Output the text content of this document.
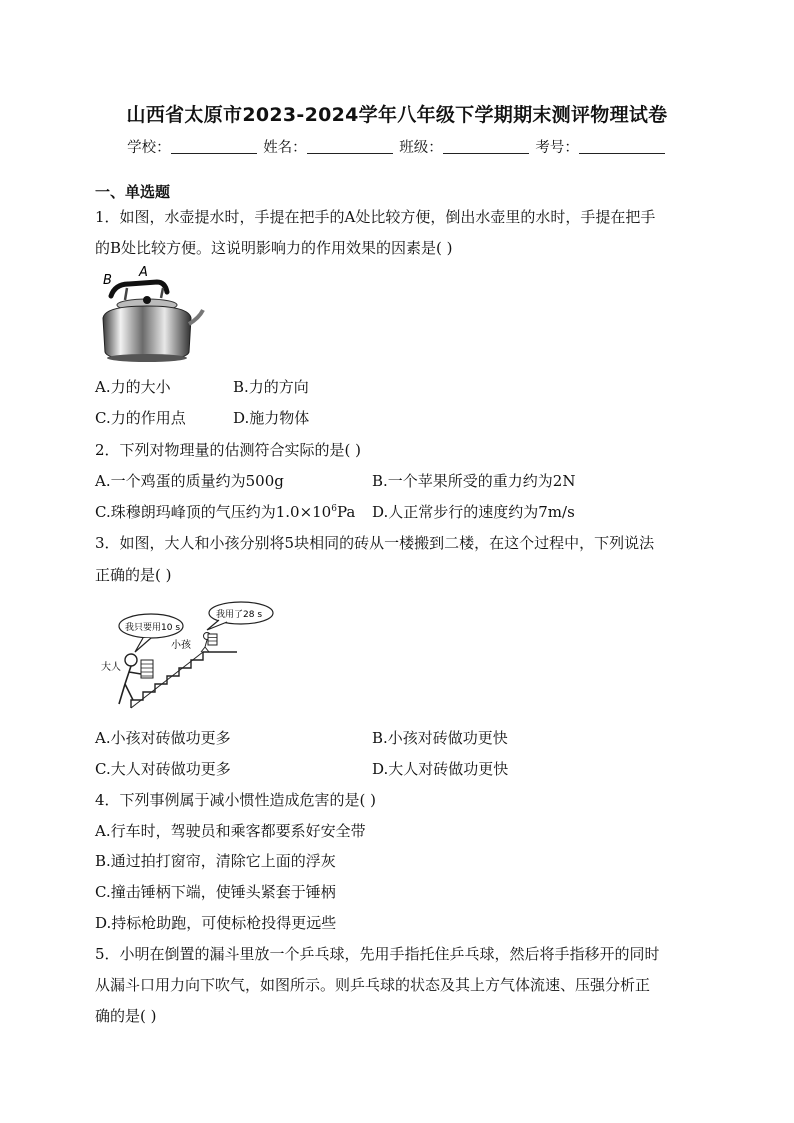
山西省太原市2023-2024学年八年级下学期期末测评物理试卷
学校：	姓名：	班级：	考号：
一、单选题
1．如图，水壶提水时，手提在把手的A处比较方便，倒出水壶里的水时，手提在把手
的B处比较方便。这说明影响力的作用效果的因素是( )
B
A
A.力的大小	B.力的方向
C.力的作用点	D.施力物体
2．下列对物理量的估测符合实际的是( )
A.一个鸡蛋的质量约为500g	B.一个苹果所受的重力约为2N
C.珠穆朗玛峰顶的气压约为$1.0\times 10^6Pa$ D.人正常步行的速度约为7m/s
3．如图，大人和小孩分别将5块相同的砖从一楼搬到二楼，在这个过程中，下列说法
正确的是( )
我只要用10 s
我用了28 s
小孩
大人
A.小孩对砖做功更多	B.小孩对砖做功更快
C.大人对砖做功更多	D.大人对砖做功更快
4．下列事例属于减小惯性造成危害的是( )
A.行车时，驾驶员和乘客都要系好安全带
B.通过拍打窗帘，清除它上面的浮灰
C.撞击锤柄下端，使锤头紧套于锤柄
D.持标枪助跑，可使标枪投得更远些
5．小明在倒置的漏斗里放一个乒乓球，先用手指托住乒乓球，然后将手指移开的同时
从漏斗口用力向下吹气，如图所示。则乒乓球的状态及其上方气体流速、压强分析正
确的是( )
